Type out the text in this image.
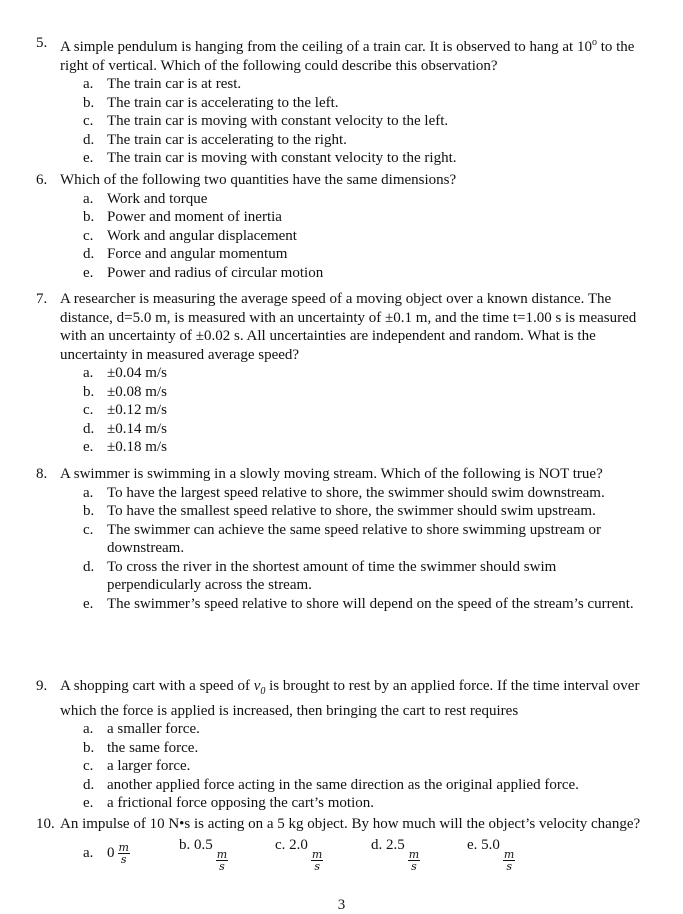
5. A simple pendulum is hanging from the ceiling of a train car. It is observed to hang at 10$^o$ to the right of vertical. Which of the following could describe this observation?
a. The train car is at rest.
b. The train car is accelerating to the left.
c. The train car is moving with constant velocity to the left.
d. The train car is accelerating to the right.
e. The train car is moving with constant velocity to the right.
6. Which of the following two quantities have the same dimensions?
a. Work and torque
b. Power and moment of inertia
c. Work and angular displacement
d. Force and angular momentum
e. Power and radius of circular motion
7. A researcher is measuring the average speed of a moving object over a known distance. The distance, d=5.0 m, is measured with an uncertainty of ±0.1 m, and the time t=1.00 s is measured with an uncertainty of ±0.02 s. All uncertainties are independent and random. What is the uncertainty in measured average speed?
a. ±0.04 m/s
b. ±0.08 m/s
c. ±0.12 m/s
d. ±0.14 m/s
e. ±0.18 m/s
8. A swimmer is swimming in a slowly moving stream. Which of the following is NOT true?
a. To have the largest speed relative to shore, the swimmer should swim downstream.
b. To have the smallest speed relative to shore, the swimmer should swim upstream.
c. The swimmer can achieve the same speed relative to shore swimming upstream or downstream.
d. To cross the river in the shortest amount of time the swimmer should swim perpendicularly across the stream.
e. The swimmer’s speed relative to shore will depend on the speed of the stream’s current.
9. A shopping cart with a speed of $v_0$ is brought to rest by an applied force. If the time interval over which the force is applied is increased, then bringing the cart to rest requires
a. a smaller force.
b. the same force.
c. a larger force.
d. another applied force acting in the same direction as the original applied force.
e. a frictional force opposing the cart’s motion.
10. An impulse of 10 N•s is acting on a 5 kg object. By how much will the object’s velocity change?
a. $0 \frac{m}{s}$	b. 0.5
$\frac{m}{s}$
c. 2.0
$\frac{m}{s}$
d. 2.5
$\frac{m}{s}$
e. 5.0
$\frac{m}{s}$
3
